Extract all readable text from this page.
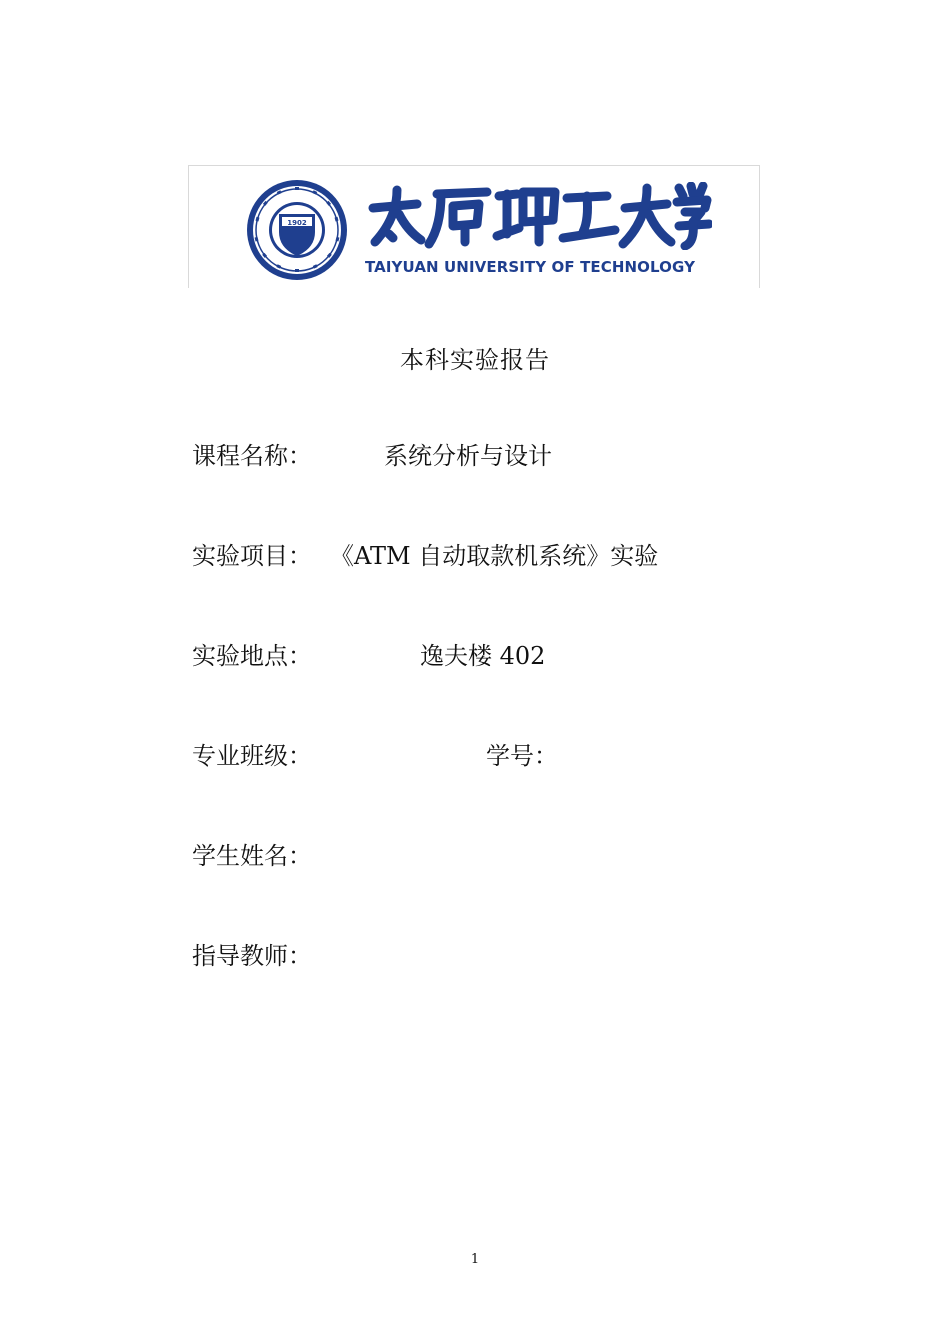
1902
TAIYUAN UNIVERSITY OF TECHNOLOGY
本科实验报告
课程名称：	系统分析与设计
实验项目： 《ATM 自动取款机系统》实验
实验地点：	逸夫楼 402
专业班级：	学号：
学生姓名：
指导教师：
1
